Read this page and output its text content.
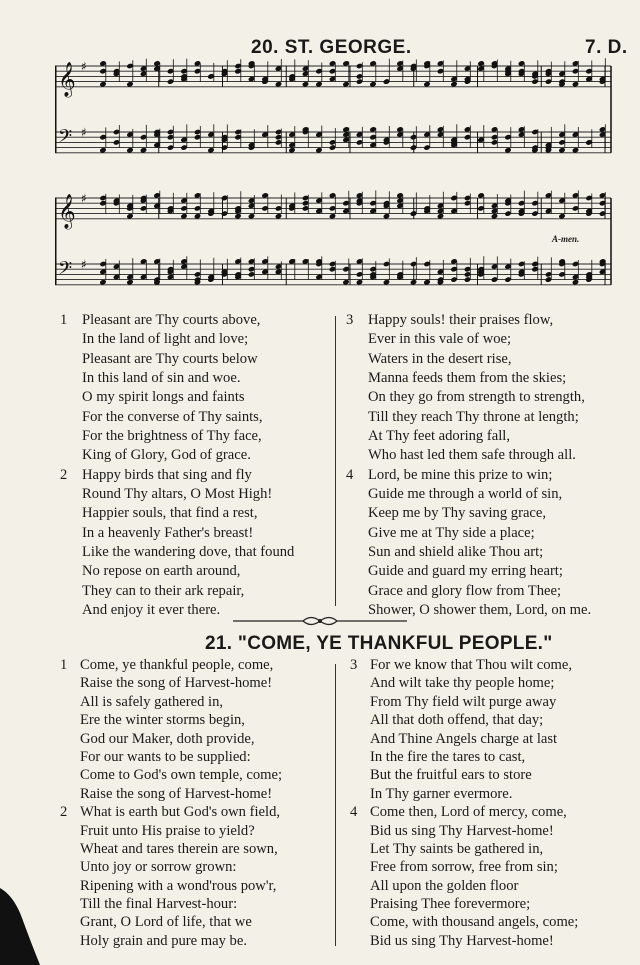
20. ST. GEORGE.	7. D.
𝄞 ♯
𝄢 ♯
𝄞 ♯
𝄢 ♯
A-men.
1 Pleasant are Thy courts above,
In the land of light and love;
Pleasant are Thy courts below
In this land of sin and woe.
O my spirit longs and faints
For the converse of Thy saints,
For the brightness of Thy face,
King of Glory, God of grace.
2 Happy birds that sing and fly
Round Thy altars, O Most High!
Happier souls, that find a rest,
In a heavenly Father's breast!
Like the wandering dove, that found
No repose on earth around,
They can to their ark repair,
And enjoy it ever there.
3 Happy souls! their praises flow,
Ever in this vale of woe;
Waters in the desert rise,
Manna feeds them from the skies;
On they go from strength to strength,
Till they reach Thy throne at length;
At Thy feet adoring fall,
Who hast led them safe through all.
4 Lord, be mine this prize to win;
Guide me through a world of sin,
Keep me by Thy saving grace,
Give me at Thy side a place;
Sun and shield alike Thou art;
Guide and guard my erring heart;
Grace and glory flow from Thee;
Shower, O shower them, Lord, on me.
21. "COME, YE THANKFUL PEOPLE."
1 Come, ye thankful people, come,
Raise the song of Harvest-home!
All is safely gathered in,
Ere the winter storms begin,
God our Maker, doth provide,
For our wants to be supplied:
Come to God's own temple, come;
Raise the song of Harvest-home!
2 What is earth but God's own field,
Fruit unto His praise to yield?
Wheat and tares therein are sown,
Unto joy or sorrow grown:
Ripening with a wond'rous pow'r,
Till the final Harvest-hour:
Grant, O Lord of life, that we
Holy grain and pure may be.
3 For we know that Thou wilt come,
And wilt take thy people home;
From Thy field wilt purge away
All that doth offend, that day;
And Thine Angels charge at last
In the fire the tares to cast,
But the fruitful ears to store
In Thy garner evermore.
4 Come then, Lord of mercy, come,
Bid us sing Thy Harvest-home!
Let Thy saints be gathered in,
Free from sorrow, free from sin;
All upon the golden floor
Praising Thee forevermore;
Come, with thousand angels, come;
Bid us sing Thy Harvest-home!
